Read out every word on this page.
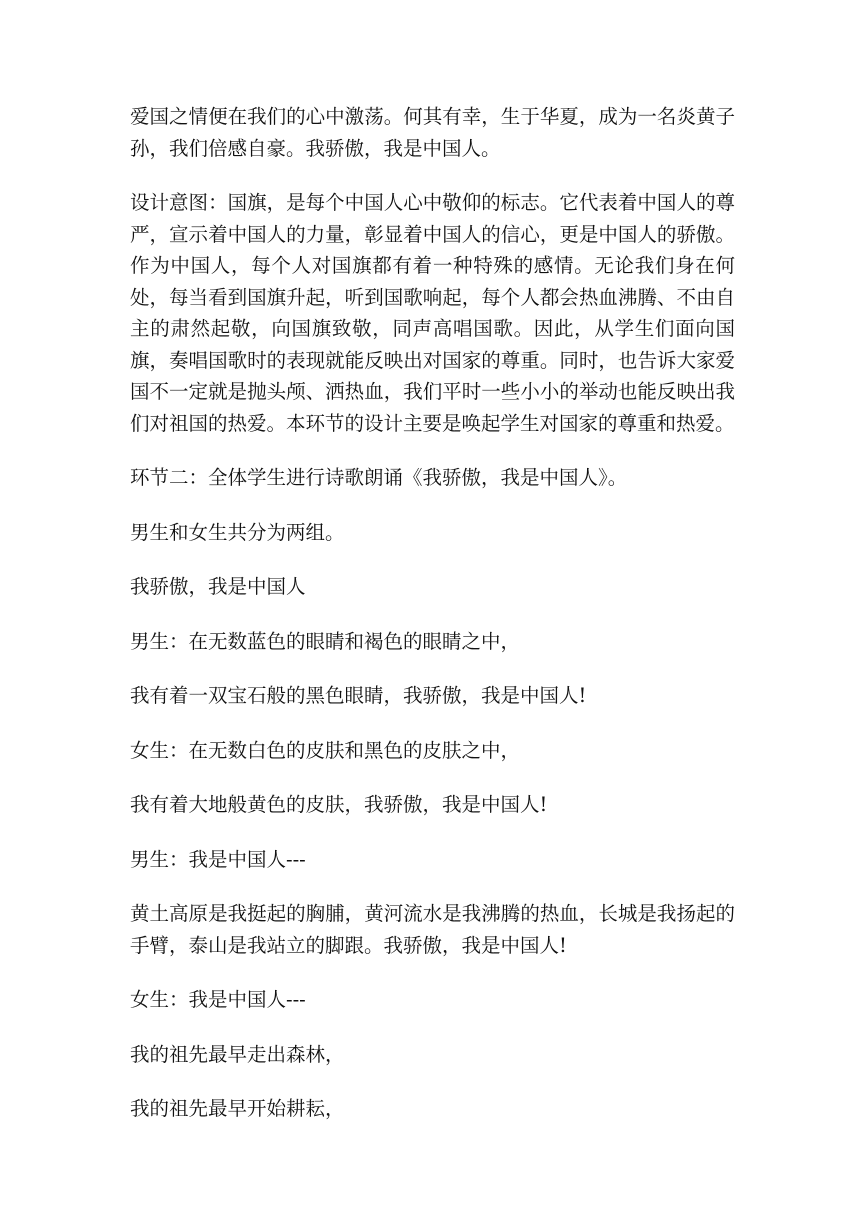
爱国之情便在我们的心中激荡。何其有幸，生于华夏，成为一名炎黄子孙，我们倍感自豪。我骄傲，我是中国人。

设计意图：国旗，是每个中国人心中敬仰的标志。它代表着中国人的尊严，宣示着中国人的力量，彰显着中国人的信心，更是中国人的骄傲。作为中国人，每个人对国旗都有着一种特殊的感情。无论我们身在何处，每当看到国旗升起，听到国歌响起，每个人都会热血沸腾、不由自主的肃然起敬，向国旗致敬，同声高唱国歌。因此，从学生们面向国旗，奏唱国歌时的表现就能反映出对国家的尊重。同时，也告诉大家爱国不一定就是抛头颅、洒热血，我们平时一些小小的举动也能反映出我们对祖国的热爱。本环节的设计主要是唤起学生对国家的尊重和热爱。

环节二：全体学生进行诗歌朗诵《我骄傲，我是中国人》。

男生和女生共分为两组。

我骄傲，我是中国人

男生：在无数蓝色的眼睛和褐色的眼睛之中，

我有着一双宝石般的黑色眼睛，我骄傲，我是中国人!

女生：在无数白色的皮肤和黑色的皮肤之中，

我有着大地般黄色的皮肤，我骄傲，我是中国人!

男生：我是中国人---

黄土高原是我挺起的胸脯，黄河流水是我沸腾的热血，长城是我扬起的手臂，泰山是我站立的脚跟。我骄傲，我是中国人!

女生：我是中国人---

我的祖先最早走出森林，

我的祖先最早开始耕耘，
